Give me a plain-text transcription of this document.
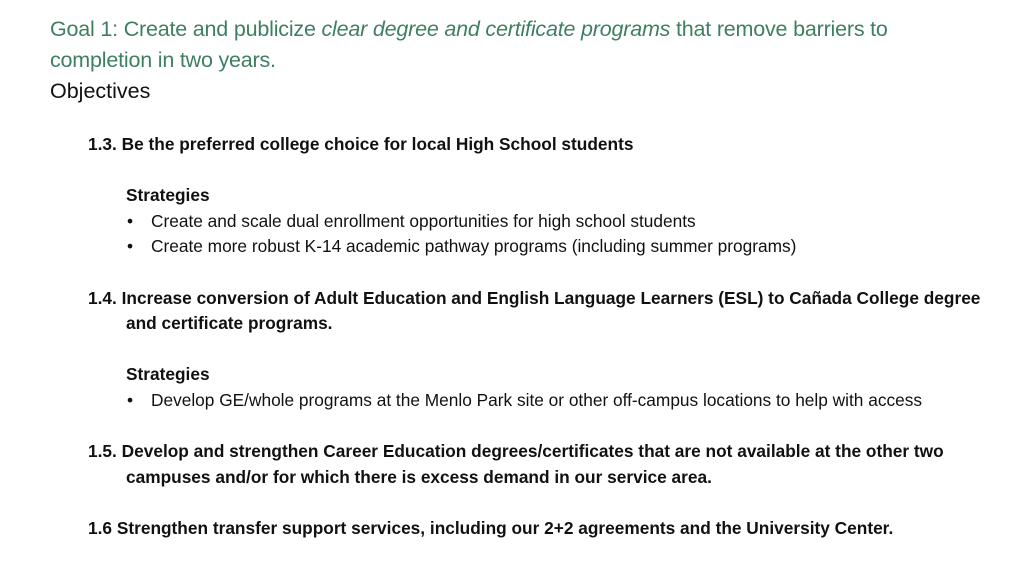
Goal 1: Create and publicize clear degree and certificate programs that remove barriers to completion in two years.
Objectives

1.3. Be the preferred college choice for local High School students

Strategies

• Create and scale dual enrollment opportunities for high school students
• Create more robust K-14 academic pathway programs (including summer programs)

1.4. Increase conversion of Adult Education and English Language Learners (ESL) to Cañada College degree and certificate programs.

Strategies

• Develop GE/whole programs at the Menlo Park site or other off-campus locations to help with access

1.5. Develop and strengthen Career Education degrees/certificates that are not available at the other two campuses and/or for which there is excess demand in our service area.

1.6 Strengthen transfer support services, including our 2+2 agreements and the University Center.
